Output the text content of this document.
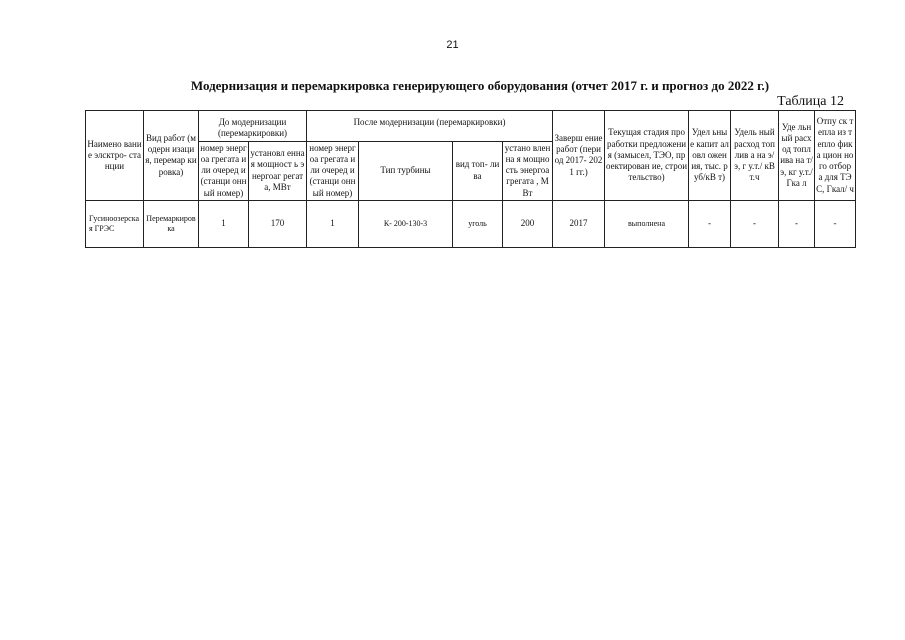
21
Модернизация и перемаркировка генерирующего оборудования (отчет 2017 г. и прогноз до 2022 г.)
Таблица 12
Наимено вание элсктро- станции	Вид работ (модерн изация, перемар кировка)	До модернизации (перемаркировки)		После модернизации (перемаркировки)				Заверш ение работ (период 2017- 2021 гг.)	Текущая стадия проработки предложения (замысел, ТЭО, проектирован ие, строительство)	Удел ьные капит аловл ожен ия, тыс. р уб/кВ т)	Удель ный расход топлив а на э/э, г у.т./ кВт.ч	Уде льн ый расх од топл ива на т/э, кг у.т./ Гка л	Отпу ск тепла из тепло фика цион ного отбор а для ТЭС, Гкал/ ч
		номер энергоа грегата или очеред и (станци онный номер)	установл енная мощност ь энергоаг регата, МВт	номер энергоа грегата или очеред и (станци онный номер)	Тип турбины	вид топ- лива	устано вленна я мощно сть энергоа грегата , МВт						
Гусиноозерская ГРЭС	Перемаркировка	1	170	1	К- 200-130-3	уголь	200	2017	выполнена	-	-	-	-
